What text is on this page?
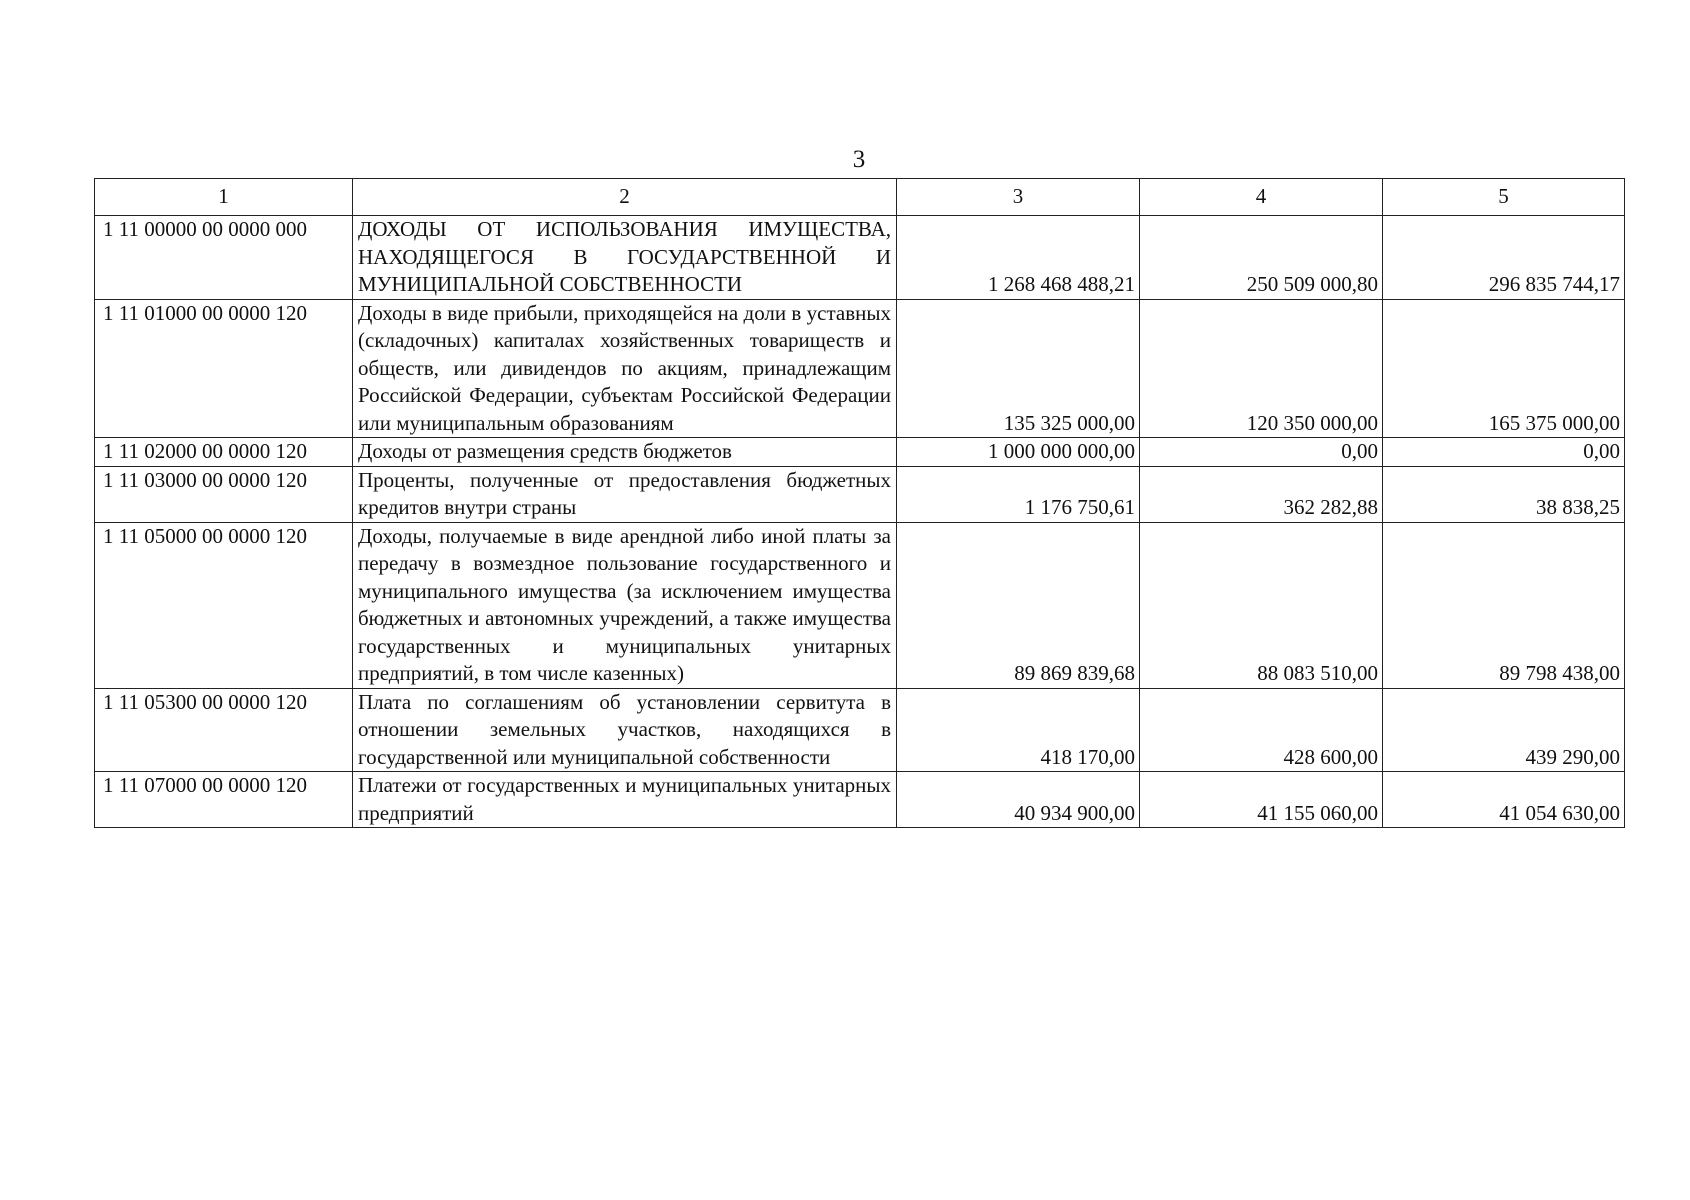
3
1	2	3	4	5
1 11 00000 00 0000 000	ДОХОДЫ ОТ ИСПОЛЬЗОВАНИЯ ИМУЩЕСТВА, НАХОДЯЩЕГОСЯ В ГОСУДАРСТВЕННОЙ И МУНИЦИПАЛЬНОЙ СОБСТВЕННОСТИ	1 268 468 488,21	250 509 000,80	296 835 744,17
1 11 01000 00 0000 120	Доходы в виде прибыли, приходящейся на доли в уставных (складочных) капиталах хозяйственных товариществ и обществ, или дивидендов по акциям, принадлежащим Российской Федерации, субъектам Российской Федерации или муниципальным образованиям	135 325 000,00	120 350 000,00	165 375 000,00
1 11 02000 00 0000 120	Доходы от размещения средств бюджетов	1 000 000 000,00	0,00	0,00
1 11 03000 00 0000 120	Проценты, полученные от предоставления бюджетных кредитов внутри страны	1 176 750,61	362 282,88	38 838,25
1 11 05000 00 0000 120	Доходы, получаемые в виде арендной либо иной платы за передачу в возмездное пользование государственного и муниципального имущества (за исключением имущества бюджетных и автономных учреждений, а также имущества государственных и муниципальных унитарных предприятий, в том числе казенных)	89 869 839,68	88 083 510,00	89 798 438,00
1 11 05300 00 0000 120	Плата по соглашениям об установлении сервитута в отношении земельных участков, находящихся в государственной или муниципальной собственности	418 170,00	428 600,00	439 290,00
1 11 07000 00 0000 120	Платежи от государственных и муниципальных унитарных предприятий	40 934 900,00	41 155 060,00	41 054 630,00
